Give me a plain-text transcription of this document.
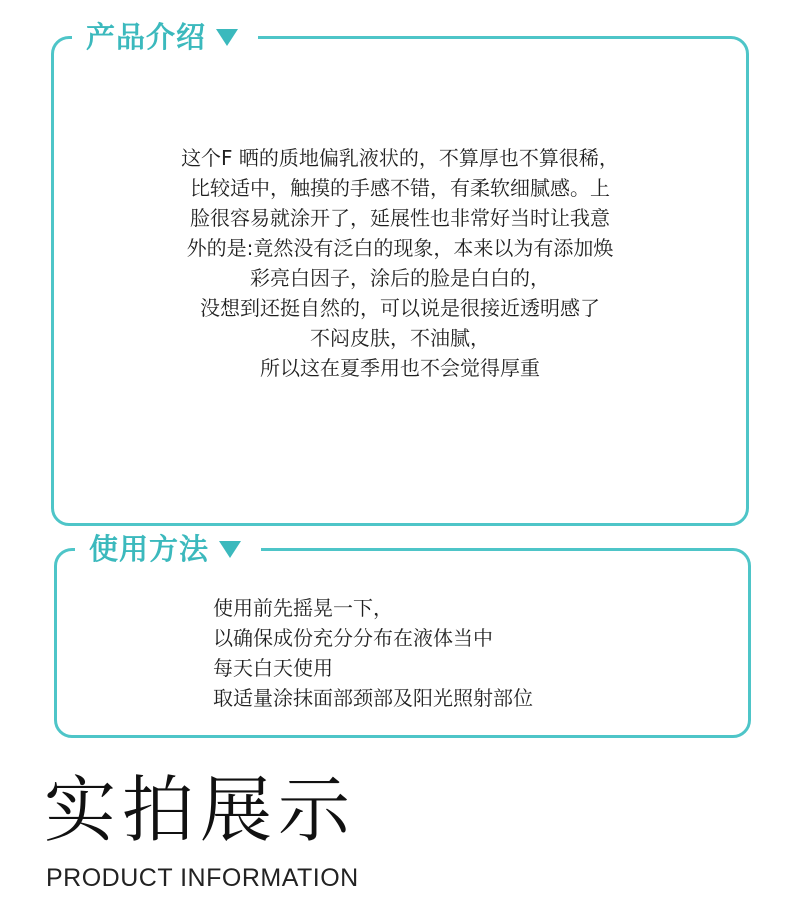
产品介绍
这个F 晒的质地偏乳液状的，不算厚也不算很稀，
比较适中，触摸的手感不错，有柔软细腻感。上
脸很容易就涂开了，延展性也非常好当时让我意
外的是:竟然没有泛白的现象，本来以为有添加焕
彩亮白因子，涂后的脸是白白的，
没想到还挺自然的，可以说是很接近透明感了
不闷皮肤，不油腻，
所以这在夏季用也不会觉得厚重
使用方法
使用前先摇晃一下，
以确保成份充分分布在液体当中
每天白天使用
取适量涂抹面部颈部及阳光照射部位
实拍展示
PRODUCT INFORMATION
